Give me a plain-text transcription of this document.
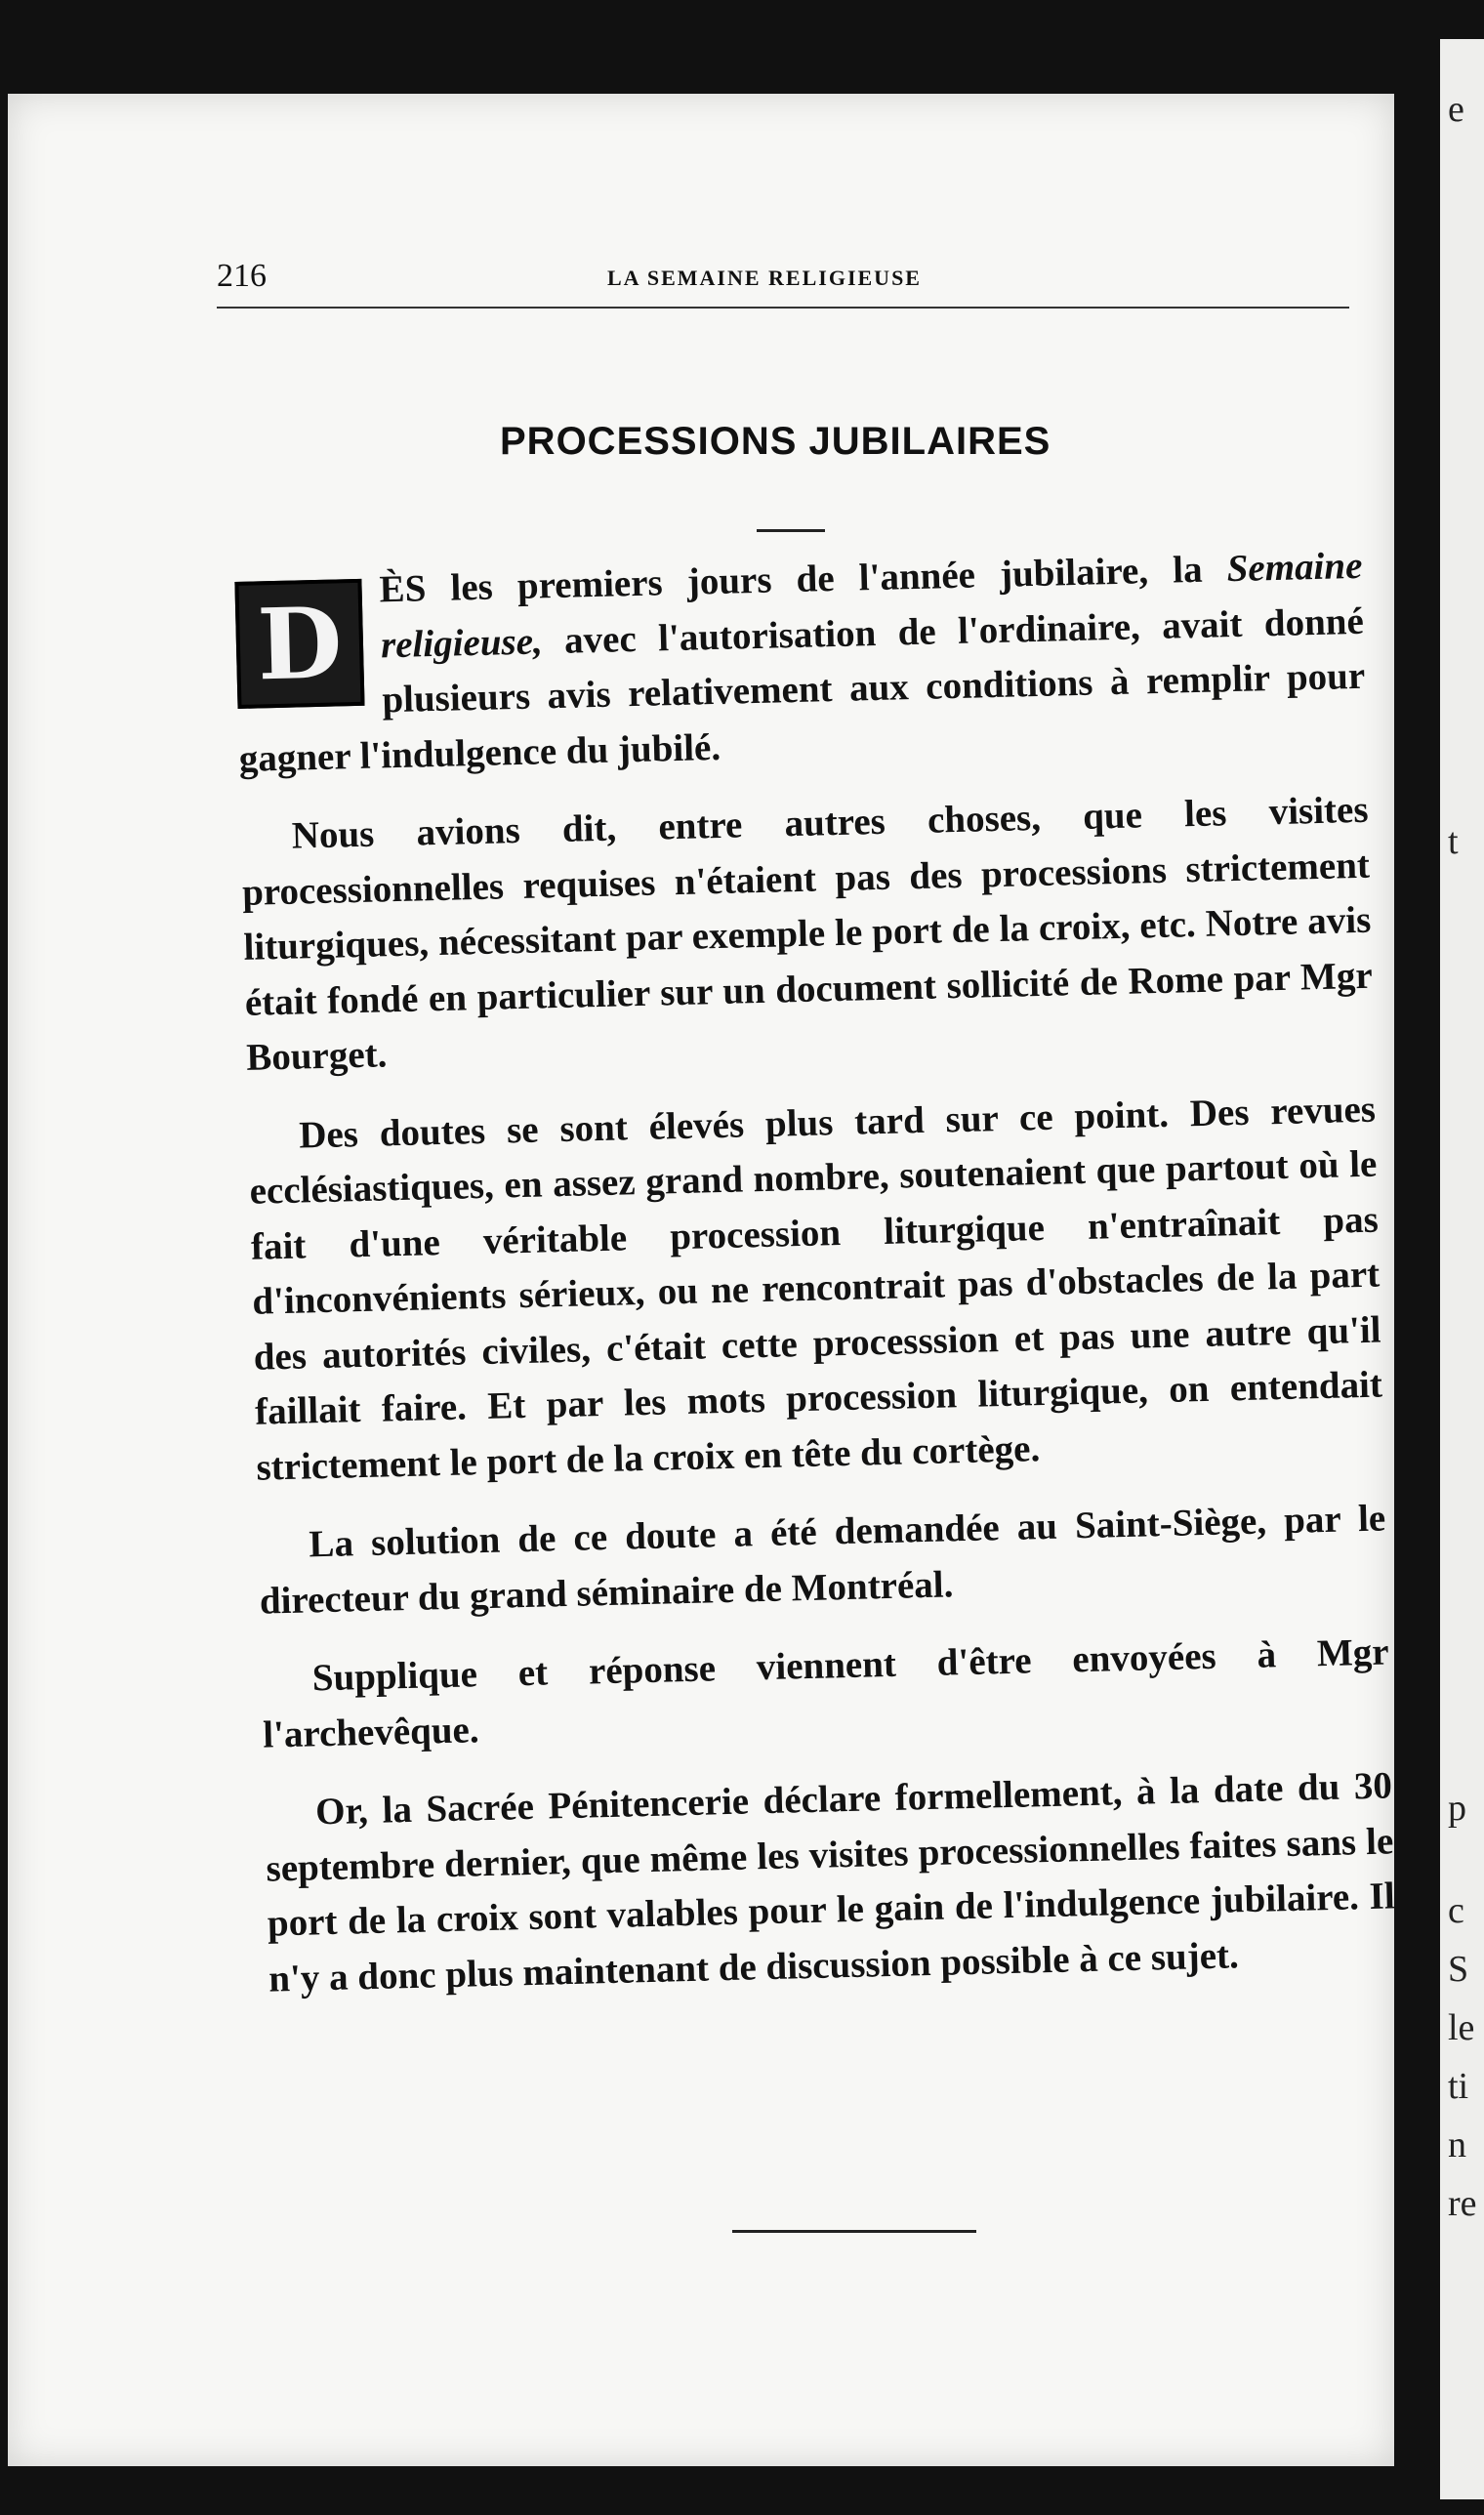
e
t
p
c
S
le
ti
n
re
216	LA SEMAINE RELIGIEUSE
PROCESSIONS JUBILAIRES

D
ÈS les premiers jours de l'année jubilaire, la Semaine religieuse, avec l'autorisation de l'ordinaire, avait donné plusieurs avis relativement aux conditions à remplir pour gagner l'indulgence du jubilé.

Nous avions dit, entre autres choses, que les visites processionnelles requises n'étaient pas des processions strictement liturgiques, nécessitant par exemple le port de la croix, etc. Notre avis était fondé en particulier sur un document sollicité de Rome par Mgr Bourget.

Des doutes se sont élevés plus tard sur ce point. Des revues ecclésiastiques, en assez grand nombre, soutenaient que partout où le fait d'une véritable procession liturgique n'entraînait pas d'inconvénients sérieux, ou ne rencontrait pas d'obstacles de la part des autorités civiles, c'était cette processsion et pas une autre qu'il faillait faire. Et par les mots procession liturgique, on entendait strictement le port de la croix en tête du cortège.

La solution de ce doute a été demandée au Saint-Siège, par le directeur du grand séminaire de Montréal.

Supplique et réponse viennent d'être envoyées à Mgr l'archevêque.

Or, la Sacrée Pénitencerie déclare formellement, à la date du 30 septembre dernier, que même les visites processionnelles faites sans le port de la croix sont valables pour le gain de l'indulgence jubilaire. Il n'y a donc plus maintenant de discussion possible à ce sujet.
